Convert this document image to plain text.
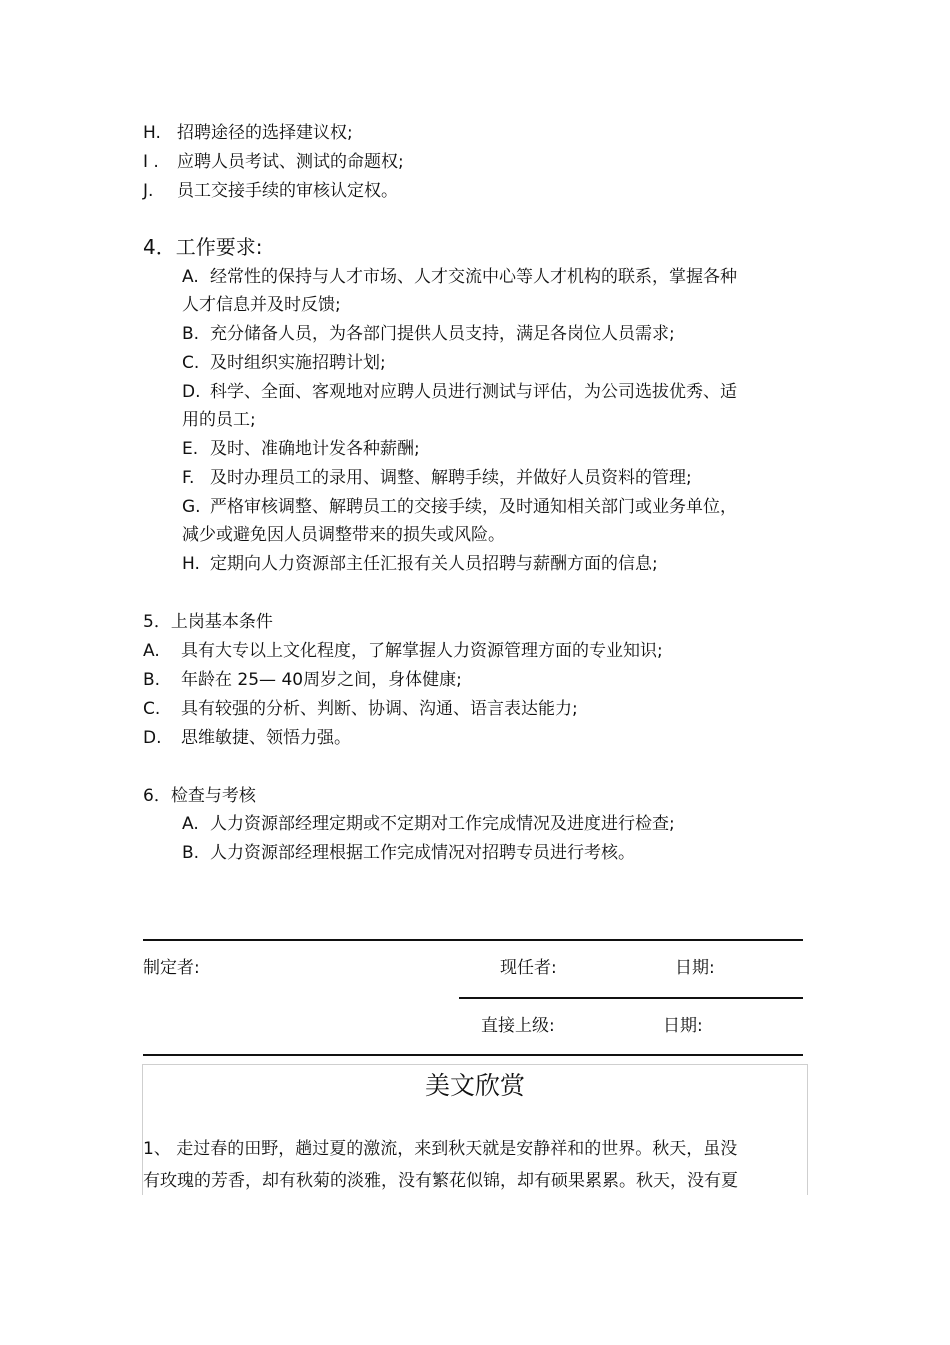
H. 招聘途径的选择建议权;
I . 应聘人员考试、测试的命题权;
J. 员工交接手续的审核认定权。
4．工作要求:
A. 经常性的保持与人才市场、人才交流中心等人才机构的联系，掌握各种
人才信息并及时反馈;
B. 充分储备人员，为各部门提供人员支持，满足各岗位人员需求;
C. 及时组织实施招聘计划;
D. 科学、全面、客观地对应聘人员进行测试与评估，为公司选拔优秀、适
用的员工;
E. 及时、准确地计发各种薪酬;
F. 及时办理员工的录用、调整、解聘手续，并做好人员资料的管理;
G. 严格审核调整、解聘员工的交接手续，及时通知相关部门或业务单位，
减少或避免因人员调整带来的损失或风险。
H. 定期向人力资源部主任汇报有关人员招聘与薪酬方面的信息;
5．上岗基本条件
A. 具有大专以上文化程度，了解掌握人力资源管理方面的专业知识;
B. 年龄在 25— 40周岁之间，身体健康;
C. 具有较强的分析、判断、协调、沟通、语言表达能力;
D. 思维敏捷、领悟力强。
6．检查与考核
A. 人力资源部经理定期或不定期对工作完成情况及进度进行检查;
B. 人力资源部经理根据工作完成情况对招聘专员进行考核。
制定者:	现任者:	日期:
直接上级:	日期:
美文欣赏
1、 走过春的田野，趟过夏的激流，来到秋天就是安静祥和的世界。秋天，虽没
有玫瑰的芳香，却有秋菊的淡雅，没有繁花似锦，却有硕果累累。秋天，没有夏
